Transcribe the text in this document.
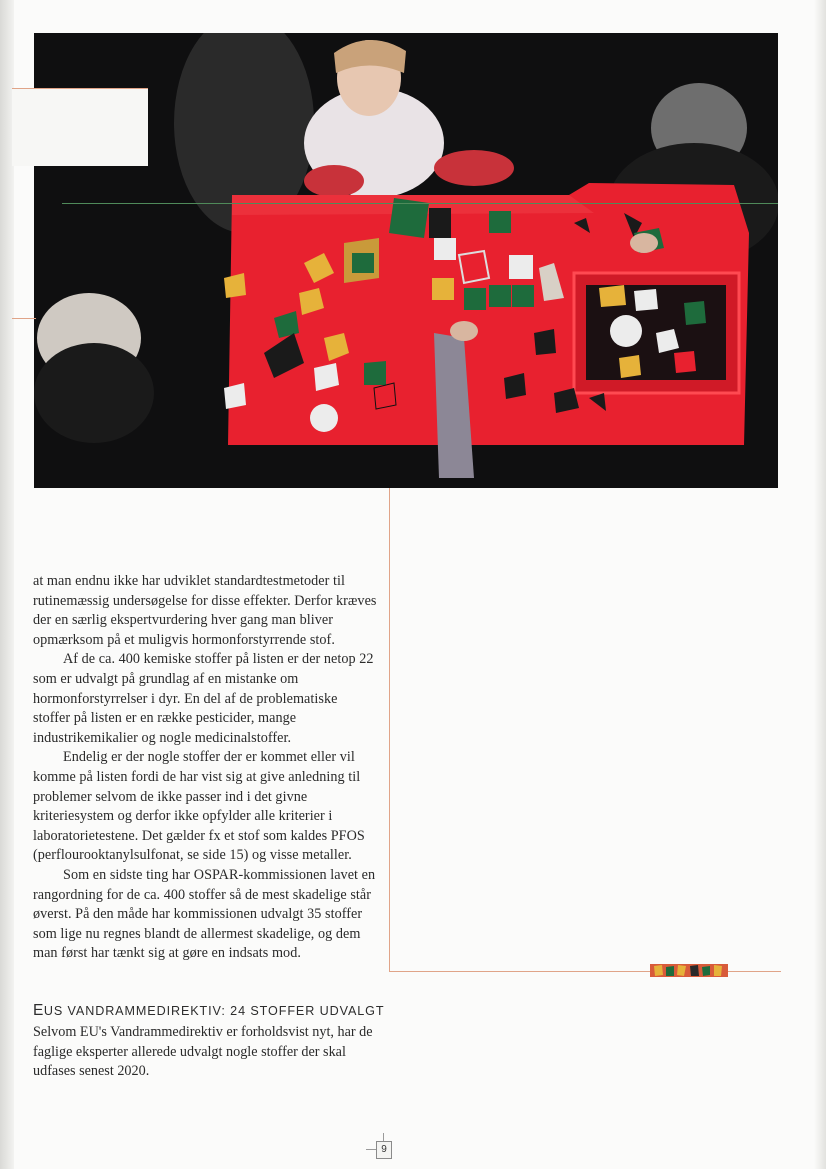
at man endnu ikke har udviklet standardtestmetoder til rutinemæssig undersøgelse for disse effekter. Derfor kræves der en særlig ekspertvurdering hver gang man bliver opmærksom på et muligvis hormonforstyrrende stof.

Af de ca. 400 kemiske stoffer på listen er der netop 22 som er udvalgt på grundlag af en mistanke om hormonforstyrrelser i dyr. En del af de problematiske stoffer på listen er en række pesticider, mange industrikemikalier og nogle medicinalstoffer.

Endelig er der nogle stoffer der er kommet eller vil komme på listen fordi de har vist sig at give anledning til problemer selvom de ikke passer ind i det givne kriteriesystem og derfor ikke opfylder alle kriterier i laboratorietestene. Det gælder fx et stof som kaldes PFOS (perflourooktanylsulfonat, se side 15) og visse metaller.

Som en sidste ting har OSPAR-kommissionen lavet en rangordning for de ca. 400 stoffer så de mest skadelige står øverst. På den måde har kommissionen udvalgt 35 stoffer som lige nu regnes blandt de allermest skadelige, og dem man først har tænkt sig at gøre en indsats mod.

EUS VANDRAMMEDIREKTIV: 24 STOFFER UDVALGT

Selvom EU's Vandrammedirektiv er forholdsvist nyt, har de faglige eksperter allerede udvalgt nogle stoffer der skal udfases senest 2020.

9
